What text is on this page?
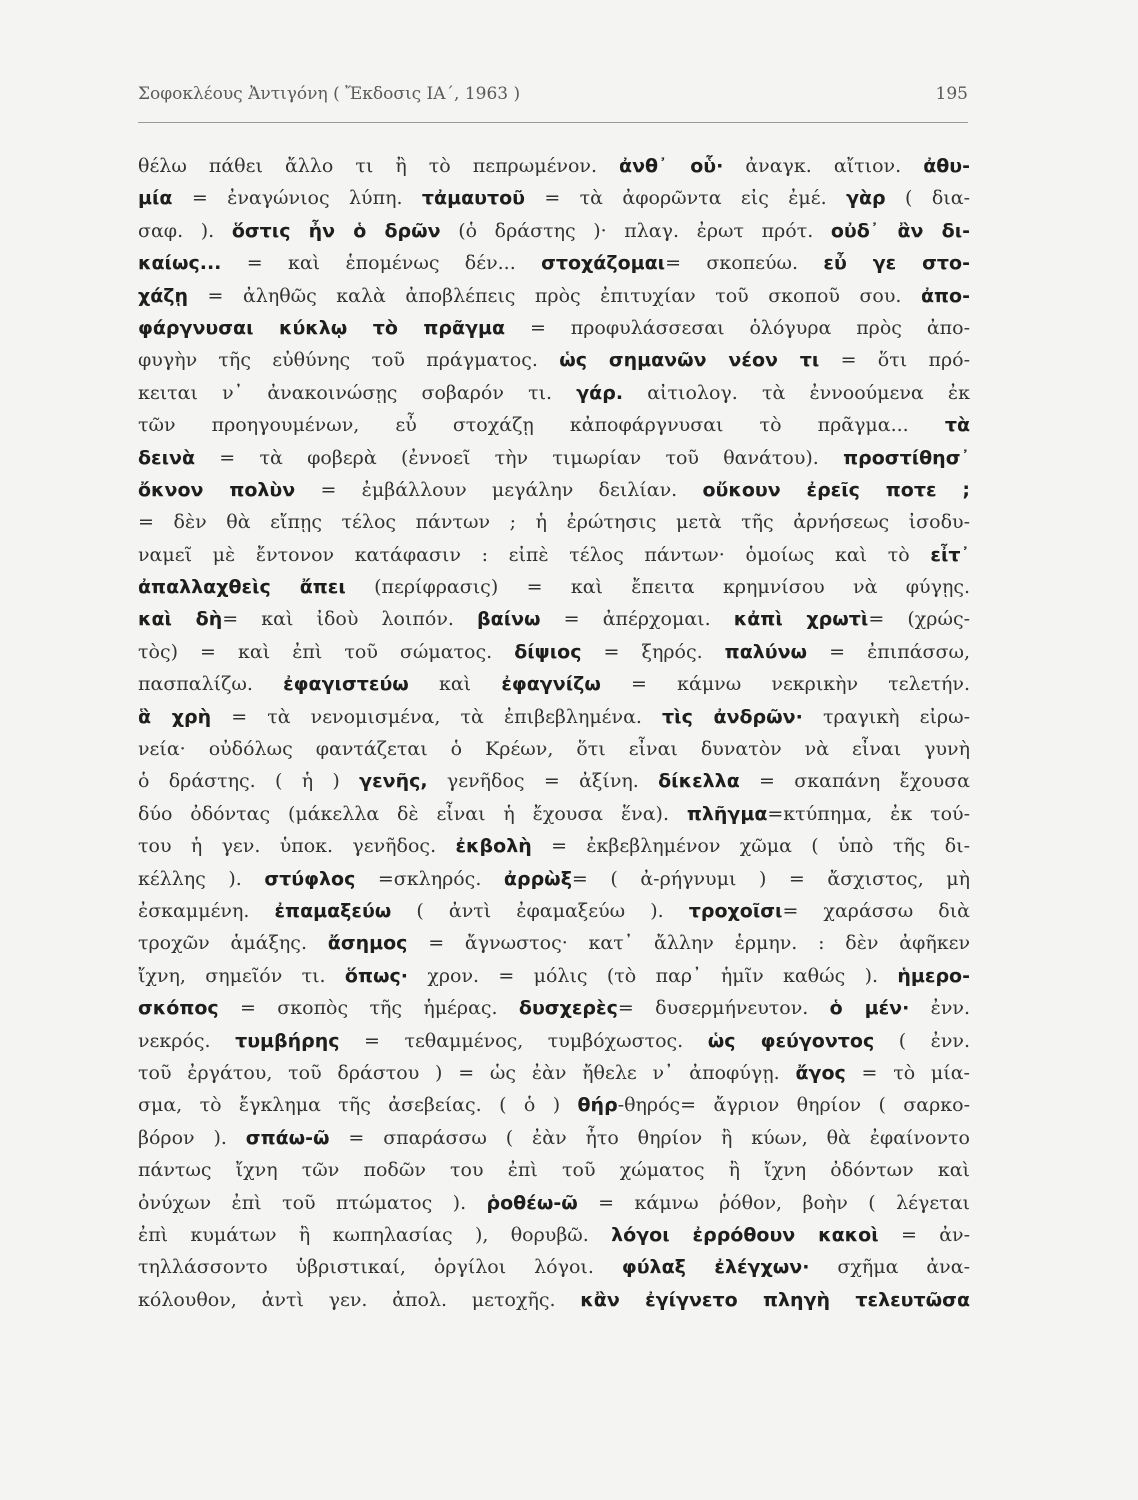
Σοφοκλέους Ἀντιγόνη ( Ἔκδοσις ΙΑ΄, 1963 )	195
θέλω πάθει ἄλλο τι ἢ τὸ πεπρωμένον. ἀνθ᾽ οὗ· ἀναγκ. αἴτιον. ἀθυ-
μία = ἐναγώνιος λύπη. τἀμαυτοῦ = τὰ ἀφορῶντα εἰς ἐμέ. γὰρ ( δια-
σαφ. ). ὅστις ἦν ὁ δρῶν (ὁ δράστης )· πλαγ. ἐρωτ πρότ. οὐδ᾽ ἂν δι-
καίως... = καὶ ἑπομένως δέν... στοχάζομαι= σκοπεύω. εὖ γε στο-
χάζῃ = ἀληθῶς καλὰ ἀποβλέπεις πρὸς ἐπιτυχίαν τοῦ σκοποῦ σου. ἀπο-
φάργνυσαι κύκλῳ τὸ πρᾶγμα = προφυλάσσεσαι ὁλόγυρα πρὸς ἀπο-
φυγὴν τῆς εὐθύνης τοῦ πράγματος. ὡς σημανῶν νέον τι = ὅτι πρό-
κειται ν᾽ ἀνακοινώσῃς σοβαρόν τι. γάρ. αἰτιολογ. τὰ ἐννοούμενα ἐκ
τῶν προηγουμένων, εὖ στοχάζῃ κἀποφάργνυσαι τὸ πρᾶγμα... τὰ
δεινὰ = τὰ φοβερὰ (ἐννοεῖ τὴν τιμωρίαν τοῦ θανάτου). προστίθησ᾽
ὄκνον πολὺν = ἐμβάλλουν μεγάλην δειλίαν. οὔκουν ἐρεῖς ποτε ;
= δὲν θὰ εἴπῃς τέλος πάντων ; ἡ ἐρώτησις μετὰ τῆς ἀρνήσεως ἰσοδυ-
ναμεῖ μὲ ἔντονον κατάφασιν : εἰπὲ τέλος πάντων· ὁμοίως καὶ τὸ εἶτ᾽
ἀπαλλαχθεὶς ἄπει (περίφρασις) = καὶ ἔπειτα κρημνίσου νὰ φύγῃς.
καὶ δὴ= καὶ ἰδοὺ λοιπόν. βαίνω = ἀπέρχομαι. κἀπὶ χρωτὶ= (χρώς-
τὸς) = καὶ ἐπὶ τοῦ σώματος. δίψιος = ξηρός. παλύνω = ἐπιπάσσω,
πασπαλίζω. ἐφαγιστεύω καὶ ἐφαγνίζω = κάμνω νεκρικὴν τελετήν.
ἃ χρὴ = τὰ νενομισμένα, τὰ ἐπιβεβλημένα. τὶς ἀνδρῶν· τραγικὴ εἰρω-
νεία· οὐδόλως φαντάζεται ὁ Κρέων, ὅτι εἶναι δυνατὸν νὰ εἶναι γυνὴ
ὁ δράστης. ( ἡ ) γενῆς, γενῆδος = ἀξίνη. δίκελλα = σκαπάνη ἔχουσα
δύο ὀδόντας (μάκελλα δὲ εἶναι ἡ ἔχουσα ἕνα). πλῆγμα=κτύπημα, ἐκ τού-
του ἡ γεν. ὑποκ. γενῆδος. ἐκβολὴ = ἐκβεβλημένον χῶμα ( ὑπὸ τῆς δι-
κέλλης ). στύφλος =σκληρός. ἀρρὼξ= ( ἀ-ρήγνυμι ) = ἄσχιστος, μὴ
ἐσκαμμένη. ἐπαμαξεύω ( ἀντὶ ἐφαμαξεύω ). τροχοῖσι= χαράσσω διὰ
τροχῶν ἁμάξης. ἄσημος = ἄγνωστος· κατ᾽ ἄλλην ἑρμην. : δὲν ἀφῆκεν
ἴχνη, σημεῖόν τι. ὅπως· χρον. = μόλις (τὸ παρ᾽ ἡμῖν καθώς ). ἡμερο-
σκόπος = σκοπὸς τῆς ἡμέρας. δυσχερὲς= δυσερμήνευτον. ὁ μέν· ἐνν.
νεκρός. τυμβήρης = τεθαμμένος, τυμβόχωστος. ὡς φεύγοντος ( ἐνν.
τοῦ ἐργάτου, τοῦ δράστου ) = ὡς ἐὰν ἤθελε ν᾽ ἀποφύγῃ. ἄγος = τὸ μία-
σμα, τὸ ἔγκλημα τῆς ἀσεβείας. ( ὁ ) θήρ-θηρός= ἄγριον θηρίον ( σαρκο-
βόρον ). σπάω-ῶ = σπαράσσω ( ἐὰν ἦτο θηρίον ἢ κύων, θὰ ἐφαίνοντο
πάντως ἴχνη τῶν ποδῶν του ἐπὶ τοῦ χώματος ἢ ἴχνη ὀδόντων καὶ
ὀνύχων ἐπὶ τοῦ πτώματος ). ῥοθέω-ῶ = κάμνω ῥόθον, βοὴν ( λέγεται
ἐπὶ κυμάτων ἢ κωπηλασίας ), θορυβῶ. λόγοι ἐρρόθουν κακοὶ = ἀν-
τηλλάσσοντο ὑβριστικαί, ὀργίλοι λόγοι. φύλαξ ἐλέγχων· σχῆμα ἀνα-
κόλουθον, ἀντὶ γεν. ἀπολ. μετοχῆς. κἂν ἐγίγνετο πληγὴ τελευτῶσα
